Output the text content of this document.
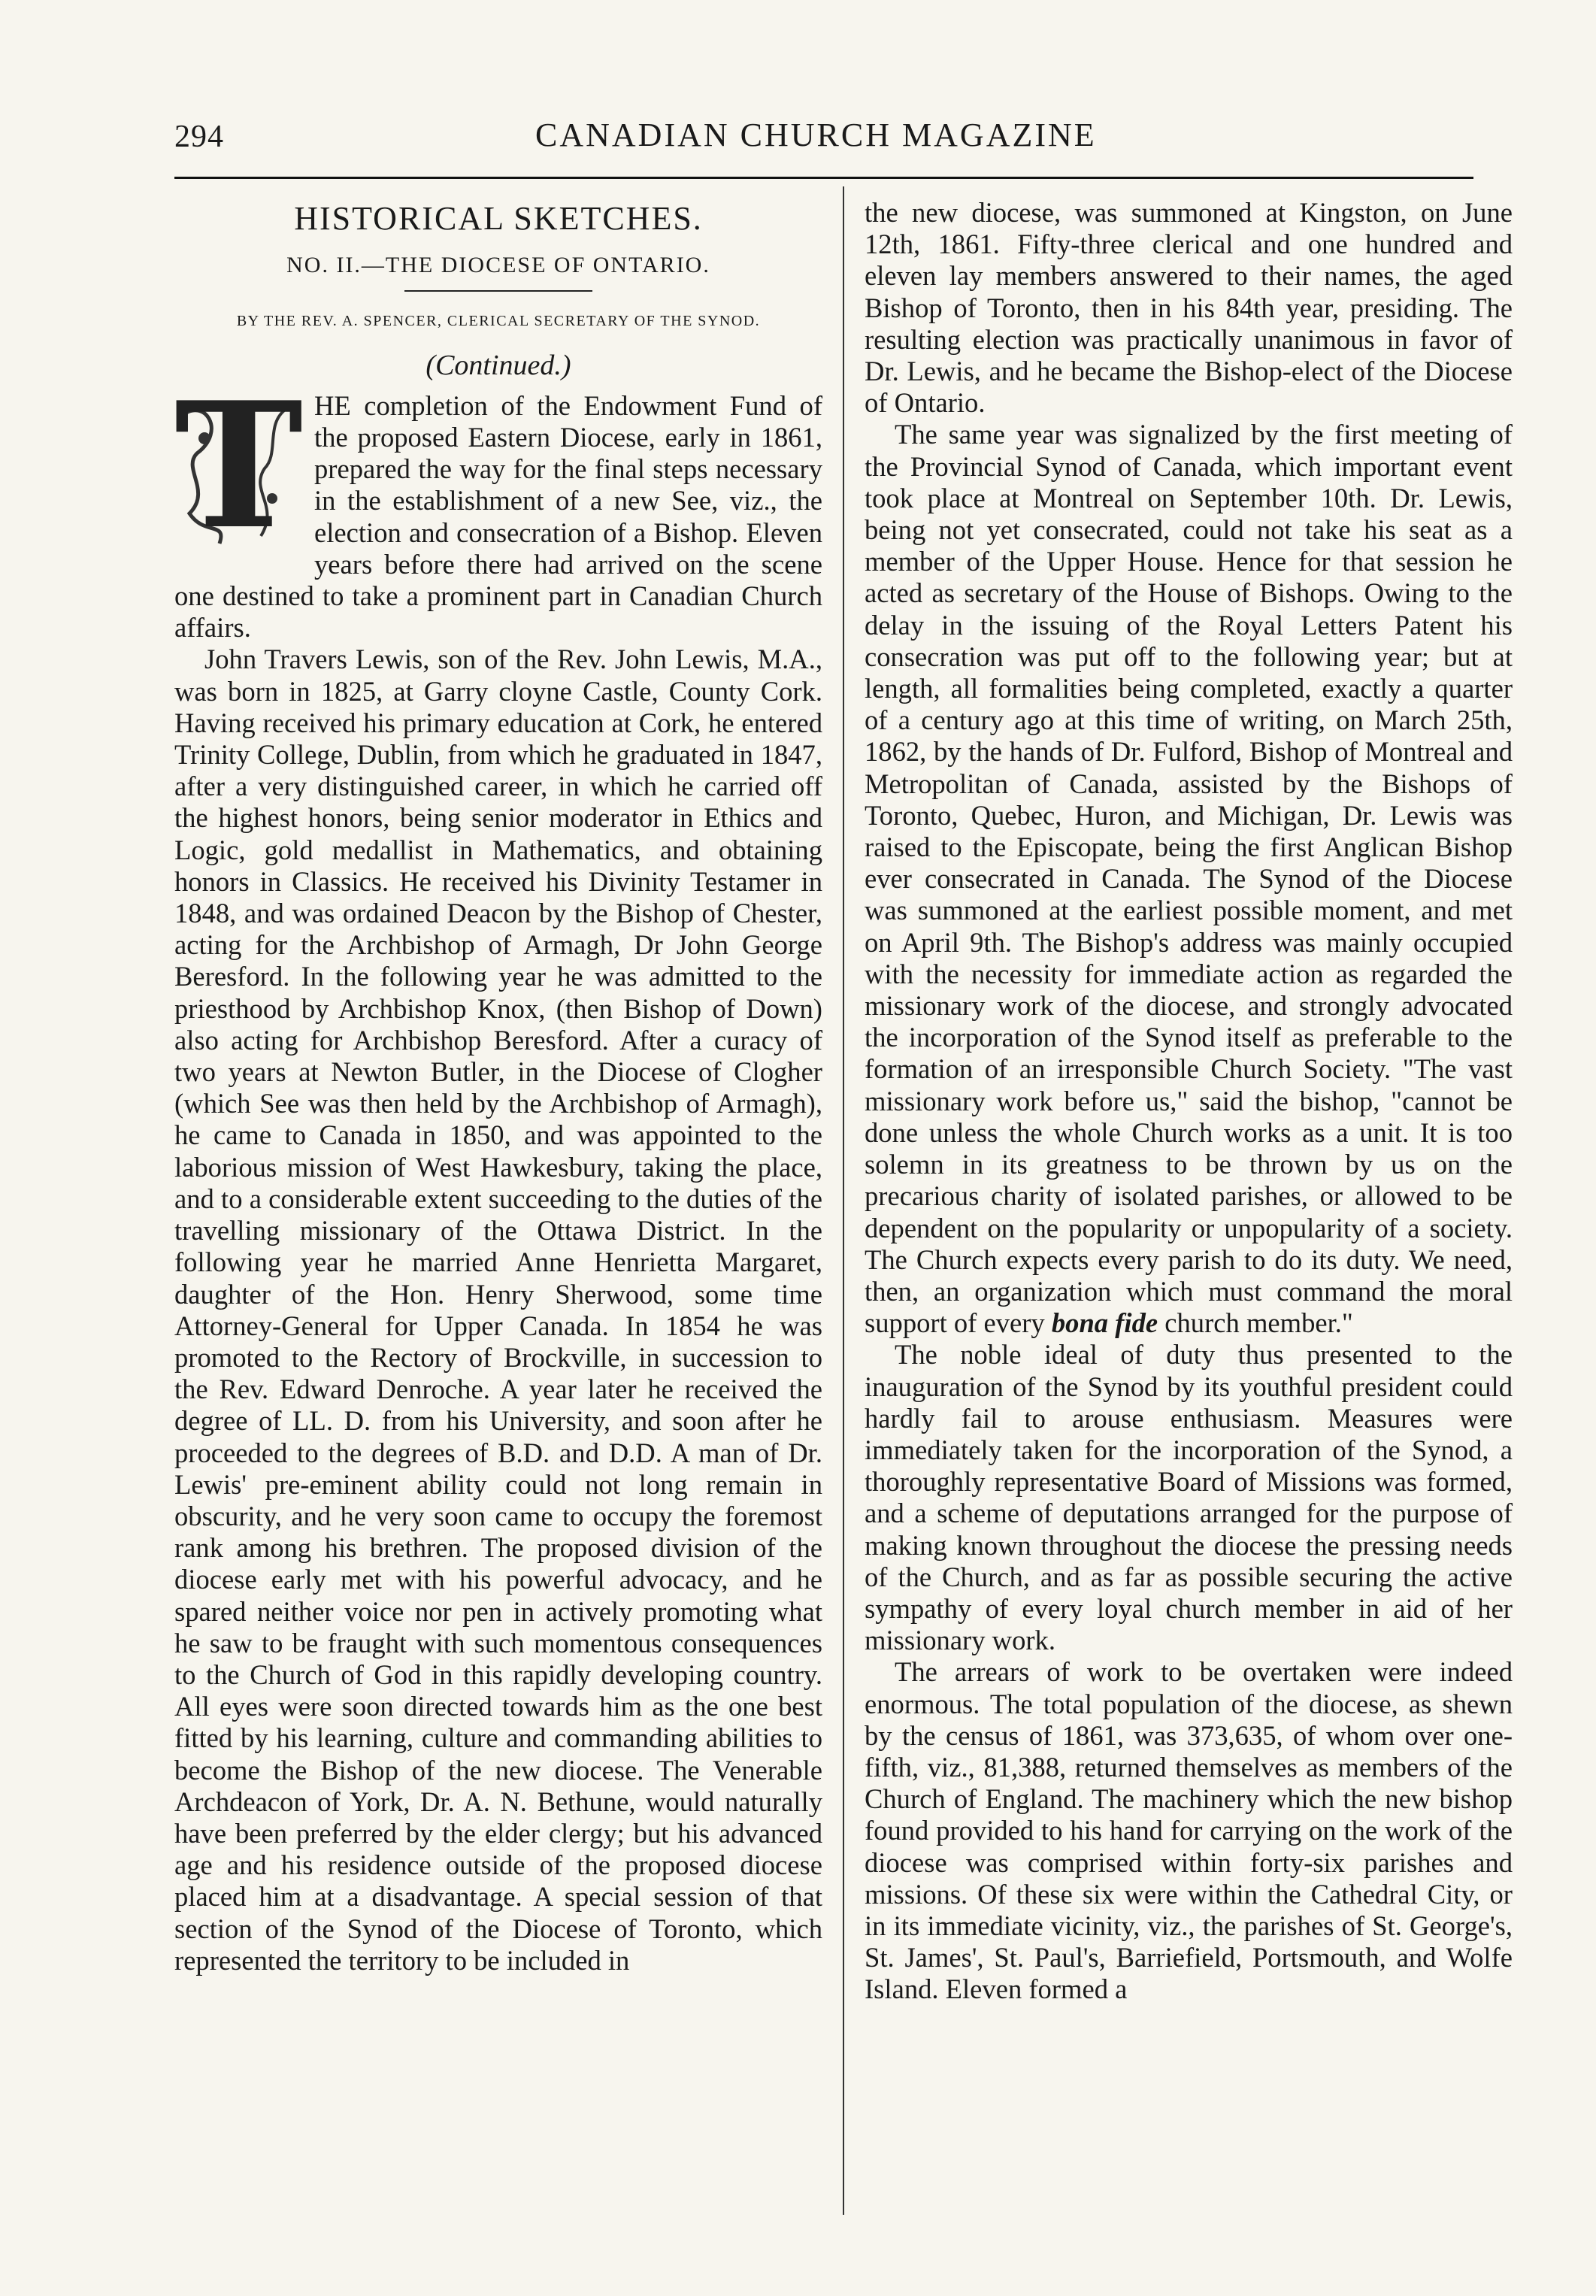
294	CANADIAN CHURCH MAGAZINE
HISTORICAL SKETCHES.
NO. II.—THE DIOCESE OF ONTARIO.
BY THE REV. A. SPENCER, CLERICAL SECRETARY OF THE SYNOD.
(Continued.)

T HE completion of the Endowment Fund of the proposed Eastern Diocese, early in 1861, prepared the way for the final steps necessary in the establishment of a new See, viz., the election and consecration of a Bishop. Eleven years before there had arrived on the scene one destined to take a prominent part in Canadian Church affairs.

John Travers Lewis, son of the Rev. John Lewis, M.A., was born in 1825, at Garry cloyne Castle, County Cork. Having received his primary education at Cork, he entered Trinity College, Dublin, from which he graduated in 1847, after a very distinguished career, in which he carried off the highest honors, being senior moderator in Ethics and Logic, gold medallist in Mathematics, and obtaining honors in Classics. He received his Divinity Testamer in 1848, and was ordained Deacon by the Bishop of Chester, acting for the Archbishop of Armagh, Dr John George Beresford. In the following year he was admitted to the priesthood by Archbishop Knox, (then Bishop of Down) also acting for Archbishop Beresford. After a curacy of two years at Newton Butler, in the Diocese of Clogher (which See was then held by the Archbishop of Armagh), he came to Canada in 1850, and was appointed to the laborious mission of West Hawkesbury, taking the place, and to a considerable extent succeeding to the duties of the travelling missionary of the Ottawa District. In the following year he married Anne Henrietta Margaret, daughter of the Hon. Henry Sherwood, some time Attorney-General for Upper Canada. In 1854 he was promoted to the Rectory of Brockville, in succession to the Rev. Edward Denroche. A year later he received the degree of LL. D. from his University, and soon after he proceeded to the degrees of B.D. and D.D. A man of Dr. Lewis' pre-eminent ability could not long remain in obscurity, and he very soon came to occupy the foremost rank among his brethren. The proposed division of the diocese early met with his powerful advocacy, and he spared neither voice nor pen in actively promoting what he saw to be fraught with such momentous consequences to the Church of God in this rapidly developing country. All eyes were soon directed towards him as the one best fitted by his learning, culture and commanding abilities to become the Bishop of the new diocese. The Venerable Archdeacon of York, Dr. A. N. Bethune, would naturally have been preferred by the elder clergy; but his advanced age and his residence outside of the proposed diocese placed him at a disadvantage. A special session of that section of the Synod of the Diocese of Toronto, which represented the territory to be included in

the new diocese, was summoned at Kingston, on June 12th, 1861. Fifty-three clerical and one hundred and eleven lay members answered to their names, the aged Bishop of Toronto, then in his 84th year, presiding. The resulting election was practically unanimous in favor of Dr. Lewis, and he became the Bishop-elect of the Diocese of Ontario.

The same year was signalized by the first meeting of the Provincial Synod of Canada, which important event took place at Montreal on September 10th. Dr. Lewis, being not yet consecrated, could not take his seat as a member of the Upper House. Hence for that session he acted as secretary of the House of Bishops. Owing to the delay in the issuing of the Royal Letters Patent his consecration was put off to the following year; but at length, all formalities being completed, exactly a quarter of a century ago at this time of writing, on March 25th, 1862, by the hands of Dr. Fulford, Bishop of Montreal and Metropolitan of Canada, assisted by the Bishops of Toronto, Quebec, Huron, and Michigan, Dr. Lewis was raised to the Episcopate, being the first Anglican Bishop ever consecrated in Canada. The Synod of the Diocese was summoned at the earliest possible moment, and met on April 9th. The Bishop's address was mainly occupied with the necessity for immediate action as regarded the missionary work of the diocese, and strongly advocated the incorporation of the Synod itself as preferable to the formation of an irresponsible Church Society. "The vast missionary work before us," said the bishop, "cannot be done unless the whole Church works as a unit. It is too solemn in its greatness to be thrown by us on the precarious charity of isolated parishes, or allowed to be dependent on the popularity or unpopularity of a society. The Church expects every parish to do its duty. We need, then, an organization which must command the moral support of every bona fide church member."

The noble ideal of duty thus presented to the inauguration of the Synod by its youthful president could hardly fail to arouse enthusiasm. Measures were immediately taken for the incorporation of the Synod, a thoroughly representative Board of Missions was formed, and a scheme of deputations arranged for the purpose of making known throughout the diocese the pressing needs of the Church, and as far as possible securing the active sympathy of every loyal church member in aid of her missionary work.

The arrears of work to be overtaken were indeed enormous. The total population of the diocese, as shewn by the census of 1861, was 373,635, of whom over one-fifth, viz., 81,388, returned themselves as members of the Church of England. The machinery which the new bishop found provided to his hand for carrying on the work of the diocese was comprised within forty-six parishes and missions. Of these six were within the Cathedral City, or in its immediate vicinity, viz., the parishes of St. George's, St. James', St. Paul's, Barriefield, Portsmouth, and Wolfe Island. Eleven formed a
